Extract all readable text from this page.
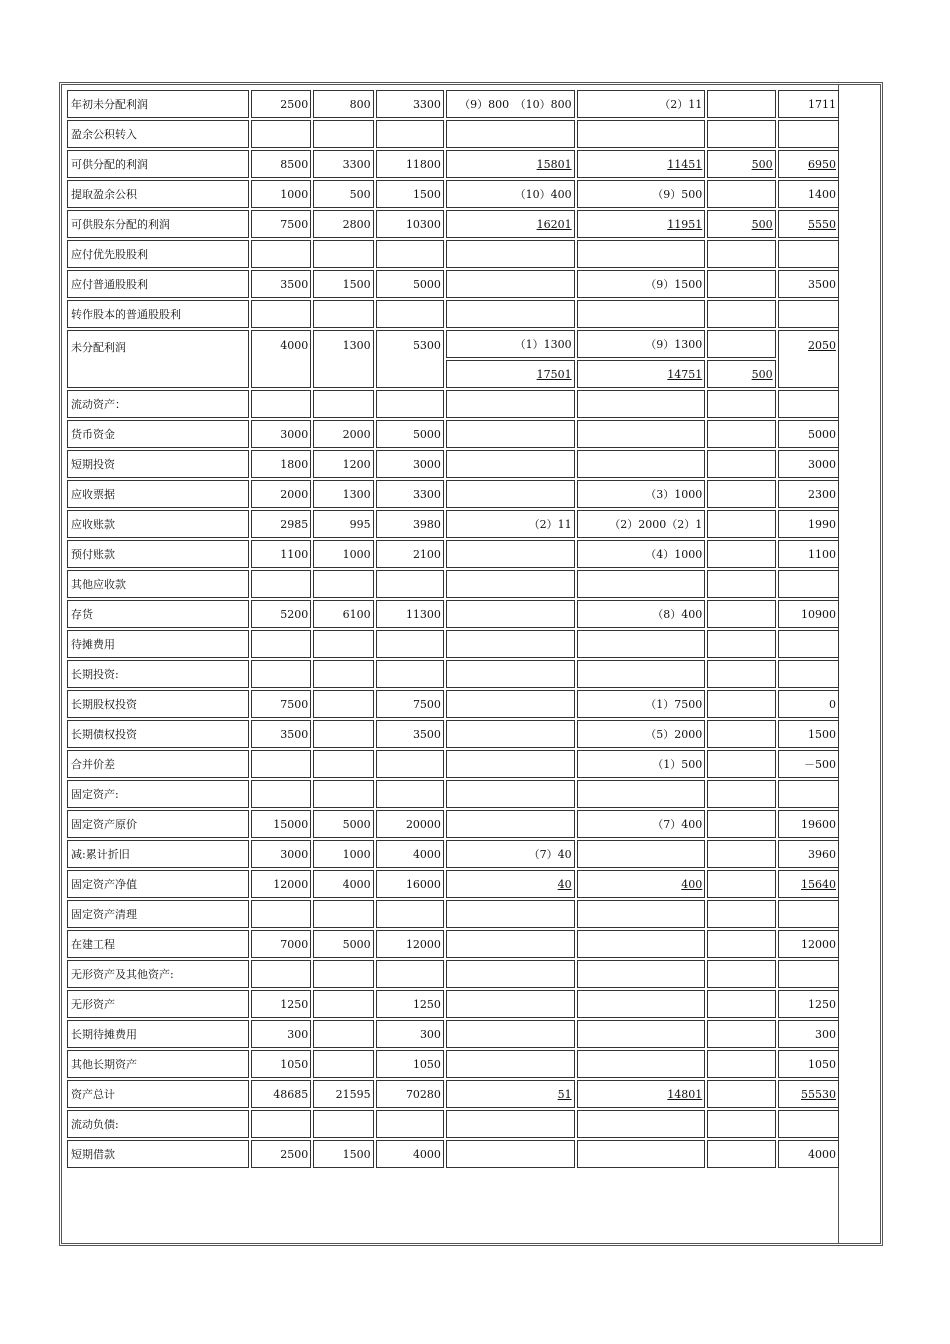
年初未分配利润	2500	800	3300	（9）800　（10）800	（2）11		1711
盈余公积转入							
可供分配的利润	8500	3300	11800	15801	11451	500	6950
提取盈余公积	1000	500	1500	（10）400	（9）500		1400
可供股东分配的利润	7500	2800	10300	16201	11951	500	5550
应付优先股股利							
应付普通股股利	3500	1500	5000		（9）1500		3500
转作股本的普通股股利							
未分配利润	4000	1300	5300	（1）1300	（9）1300		2050
				17501	14751	500	
流动资产：							
货币资金	3000	2000	5000				5000
短期投资	1800	1200	3000				3000
应收票据	2000	1300	3300		（3）1000		2300
应收账款	2985	995	3980	（2）11	（2）2000（2）1		1990
预付账款	1100	1000	2100		（4）1000		1100
其他应收款							
存货	5200	6100	11300		（8）400		10900
待摊费用							
长期投资:							
长期股权投资	7500		7500		（1）7500		0
长期债权投资	3500		3500		（5）2000		1500
合并价差					（1）500		－500
固定资产:							
固定资产原价	15000	5000	20000		（7）400		19600
减:累计折旧	3000	1000	4000	（7）40			3960
固定资产净值	12000	4000	16000	40	400		15640
固定资产清理							
在建工程	7000	5000	12000				12000
无形资产及其他资产:							
无形资产	1250		1250				1250
长期待摊费用	300		300				300
其他长期资产	1050		1050				1050
资产总计	48685	21595	70280	51	14801		55530
流动负债:							
短期借款	2500	1500	4000				4000
